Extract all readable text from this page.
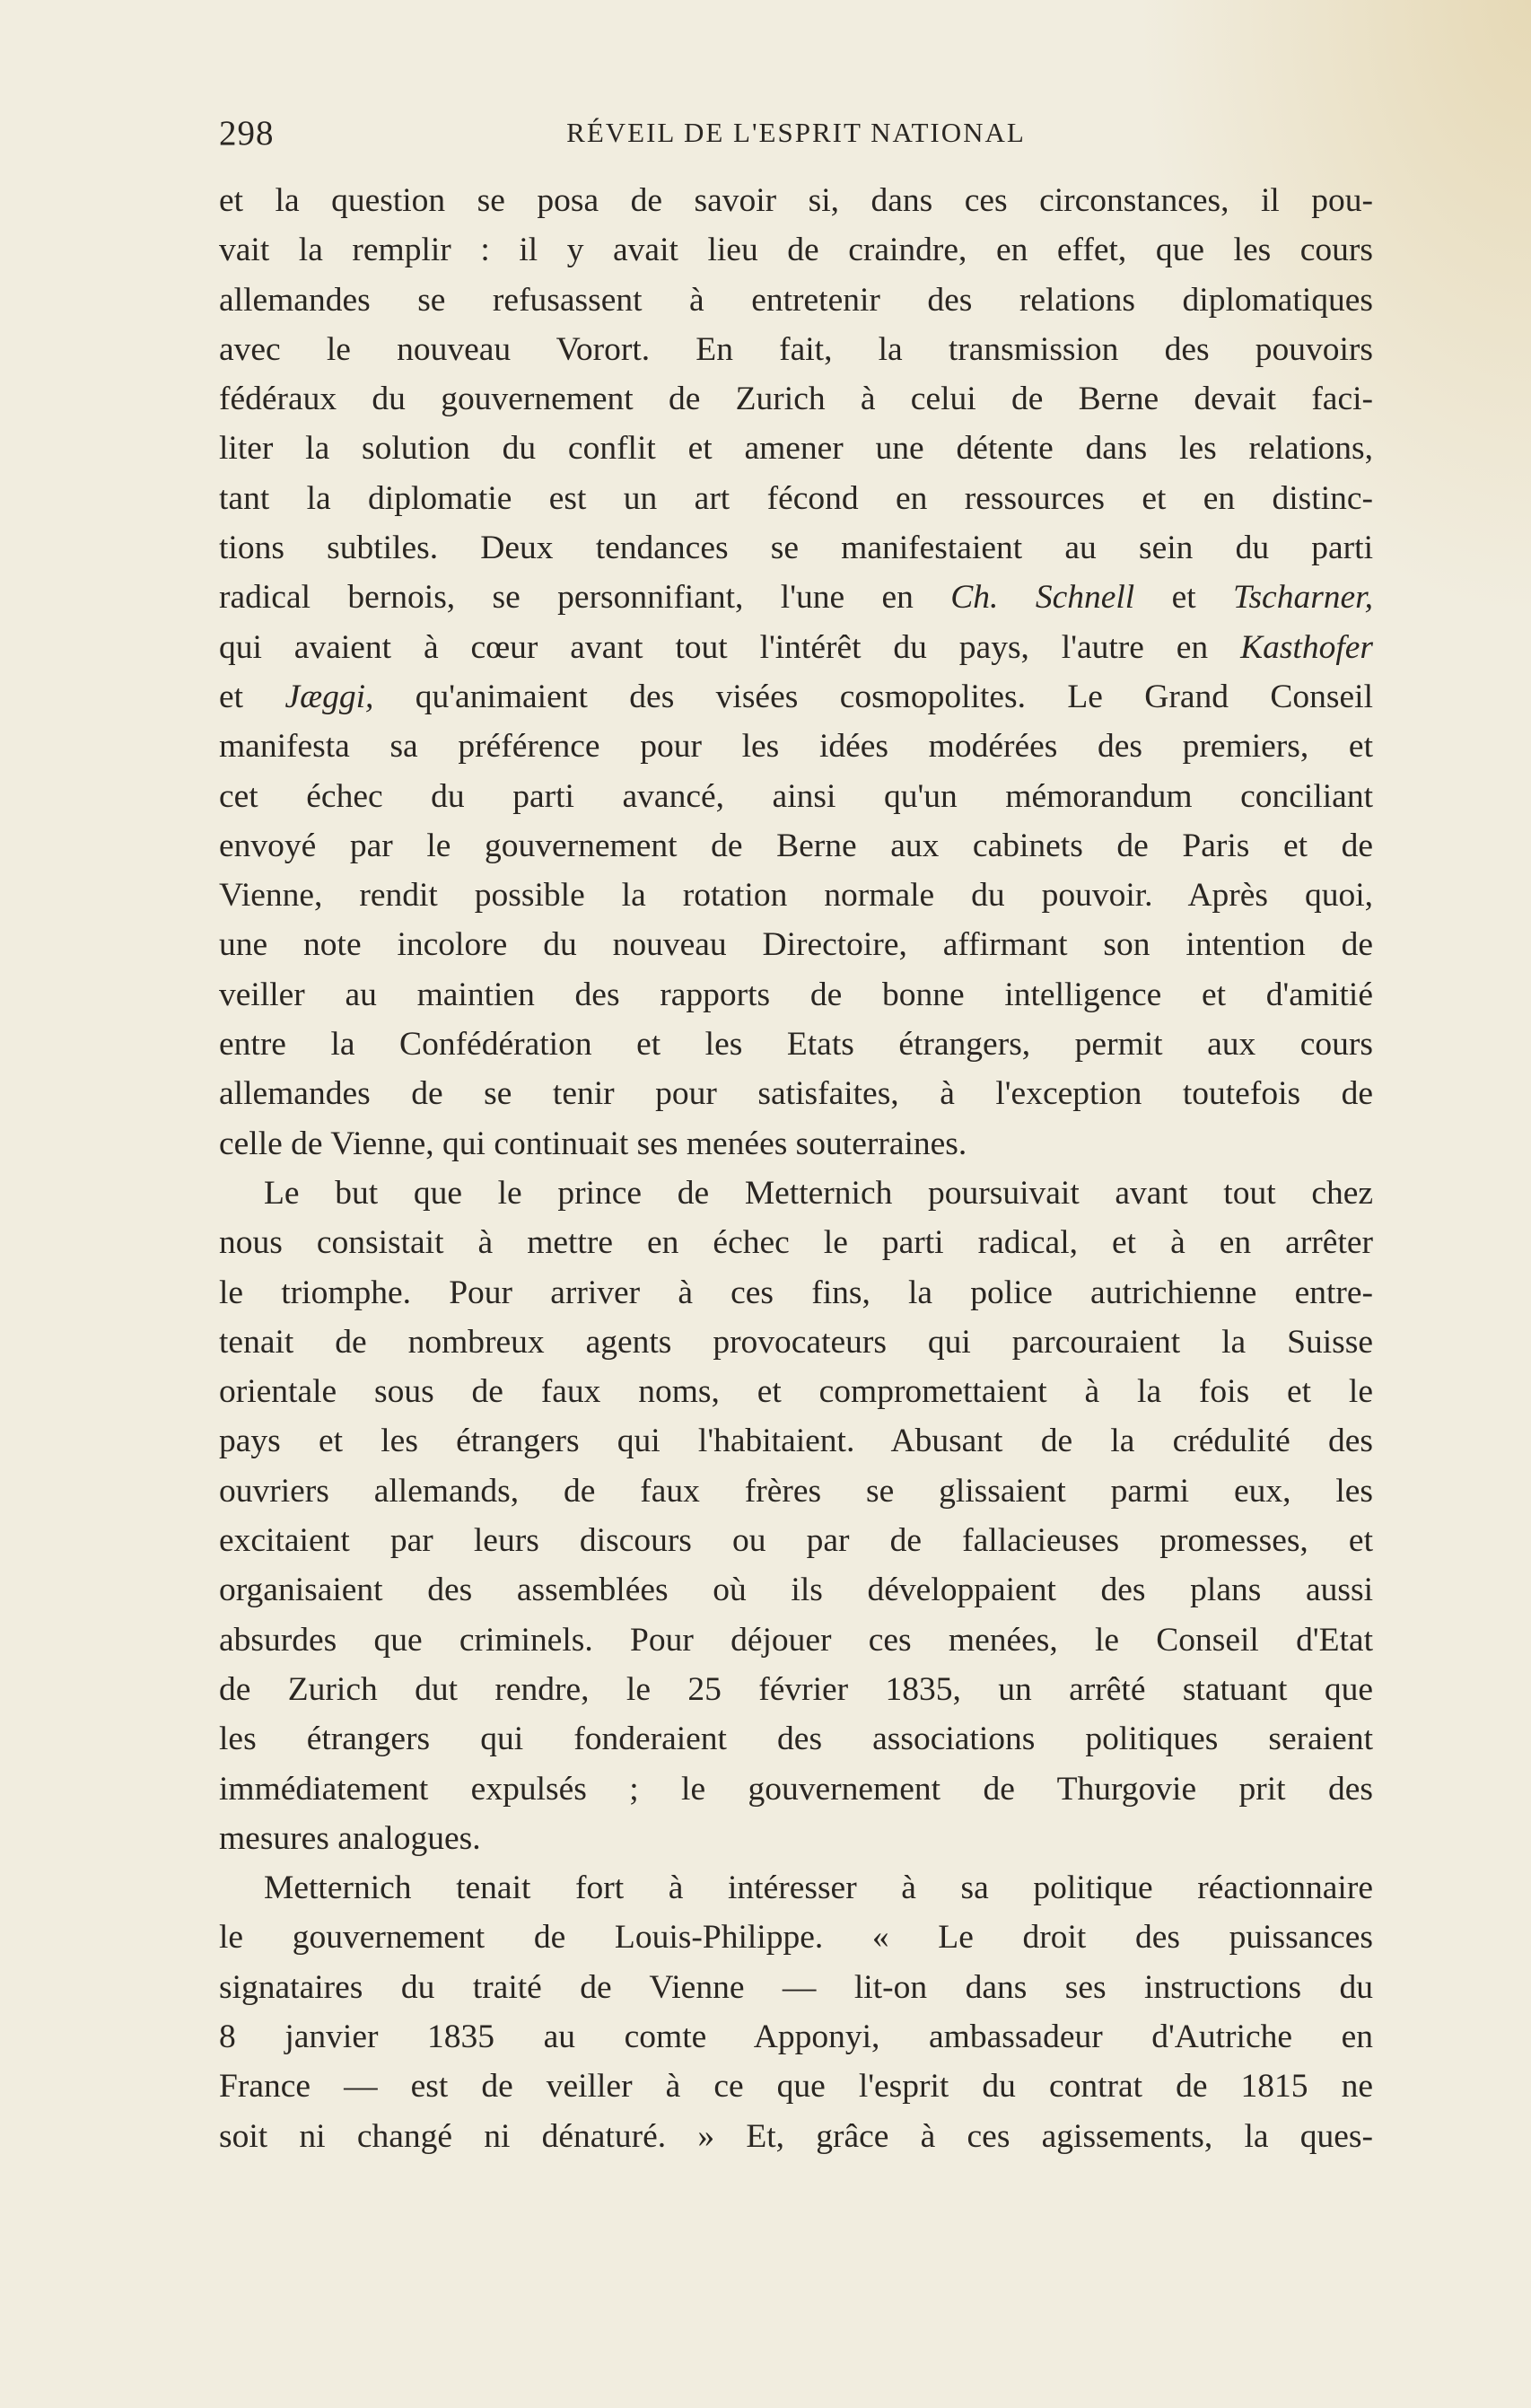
298	RÉVEIL DE L'ESPRIT NATIONAL
et la question se posa de savoir si, dans ces circonstances, il pou-
vait la remplir : il y avait lieu de craindre, en effet, que les cours
allemandes se refusassent à entretenir des relations diplomatiques
avec le nouveau Vorort. En fait, la transmission des pouvoirs
fédéraux du gouvernement de Zurich à celui de Berne devait faci-
liter la solution du conflit et amener une détente dans les relations,
tant la diplomatie est un art fécond en ressources et en distinc-
tions subtiles. Deux tendances se manifestaient au sein du parti
radical bernois, se personnifiant, l'une en Ch. Schnell et Tscharner,
qui avaient à cœur avant tout l'intérêt du pays, l'autre en Kasthofer
et Jæggi, qu'animaient des visées cosmopolites. Le Grand Conseil
manifesta sa préférence pour les idées modérées des premiers, et
cet échec du parti avancé, ainsi qu'un mémorandum conciliant
envoyé par le gouvernement de Berne aux cabinets de Paris et de
Vienne, rendit possible la rotation normale du pouvoir. Après quoi,
une note incolore du nouveau Directoire, affirmant son intention de
veiller au maintien des rapports de bonne intelligence et d'amitié
entre la Confédération et les Etats étrangers, permit aux cours
allemandes de se tenir pour satisfaites, à l'exception toutefois de
celle de Vienne, qui continuait ses menées souterraines.
Le but que le prince de Metternich poursuivait avant tout chez
nous consistait à mettre en échec le parti radical, et à en arrêter
le triomphe. Pour arriver à ces fins, la police autrichienne entre-
tenait de nombreux agents provocateurs qui parcouraient la Suisse
orientale sous de faux noms, et compromettaient à la fois et le
pays et les étrangers qui l'habitaient. Abusant de la crédulité des
ouvriers allemands, de faux frères se glissaient parmi eux, les
excitaient par leurs discours ou par de fallacieuses promesses, et
organisaient des assemblées où ils développaient des plans aussi
absurdes que criminels. Pour déjouer ces menées, le Conseil d'Etat
de Zurich dut rendre, le 25 février 1835, un arrêté statuant que
les étrangers qui fonderaient des associations politiques seraient
immédiatement expulsés ; le gouvernement de Thurgovie prit des
mesures analogues.
Metternich tenait fort à intéresser à sa politique réactionnaire
le gouvernement de Louis-Philippe. « Le droit des puissances
signataires du traité de Vienne — lit-on dans ses instructions du
8 janvier 1835 au comte Apponyi, ambassadeur d'Autriche en
France — est de veiller à ce que l'esprit du contrat de 1815 ne
soit ni changé ni dénaturé. » Et, grâce à ces agissements, la ques-
